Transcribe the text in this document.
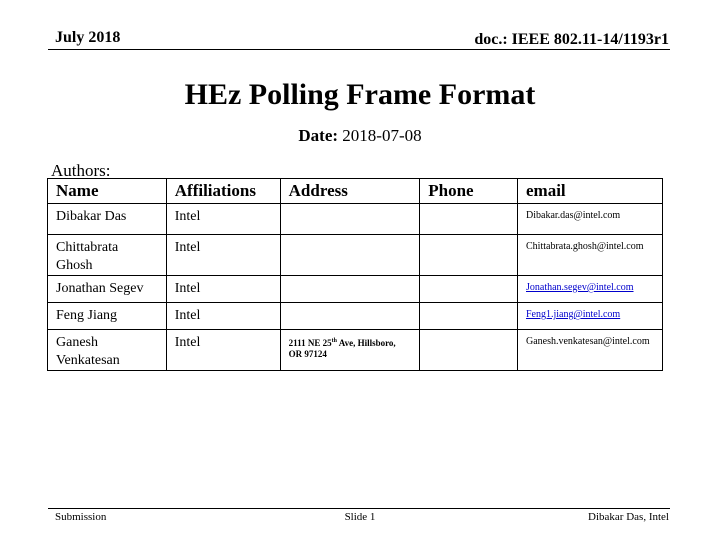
July 2018	doc.: IEEE 802.11-14/1193r1
HEz Polling Frame Format
Date: 2018-07-08
Authors:
Name	Affiliations	Address	Phone	email
Dibakar Das	Intel			Dibakar.das@intel.com
Chittabrata Ghosh	Intel			Chittabrata.ghosh@intel.com
Jonathan Segev	Intel			Jonathan.segev@intel.com
Feng Jiang	Intel			Feng1.jiang@intel.com
Ganesh Venkatesan	Intel	2111 NE 25th Ave, Hillsboro, OR 97124		Ganesh.venkatesan@intel.com
Submission	Slide 1	Dibakar Das, Intel
